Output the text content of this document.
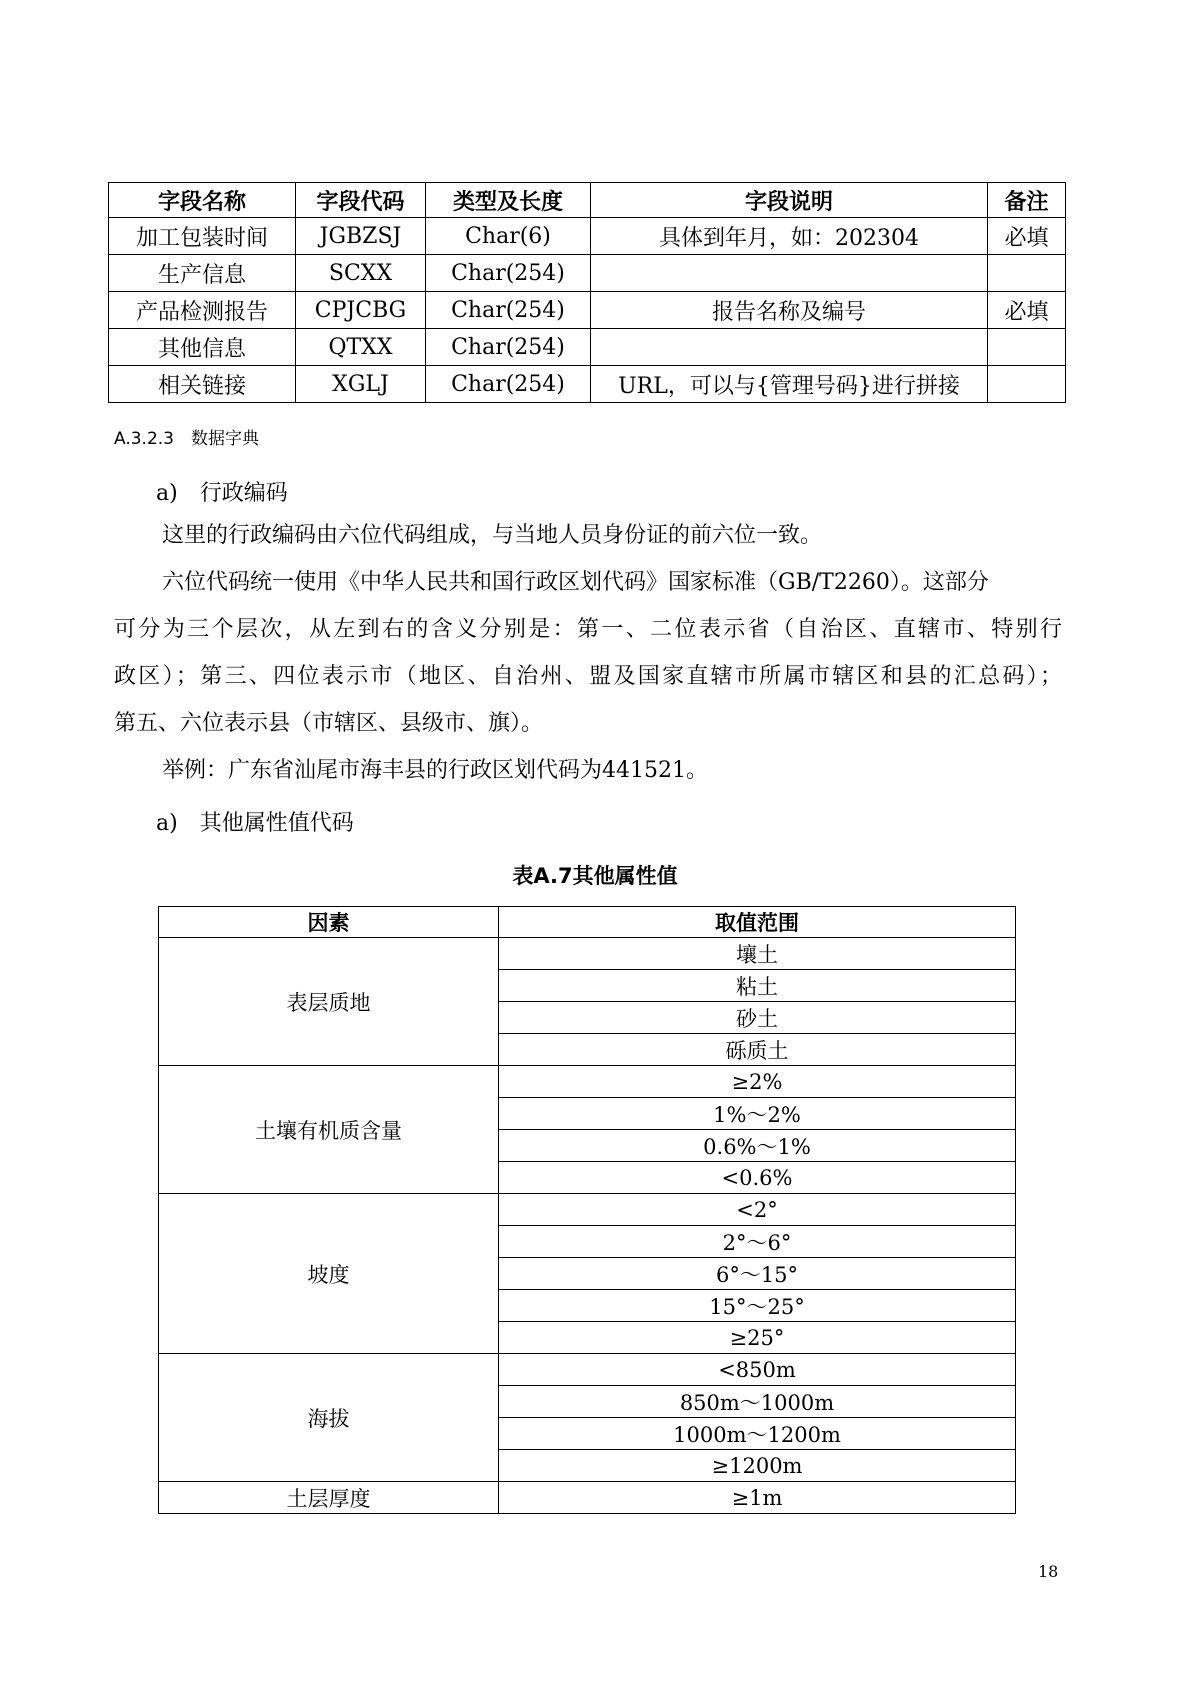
字段名称	字段代码	类型及长度	字段说明	备注
加工包装时间	JGBZSJ	Char(6)	具体到年月，如：202304	必填
生产信息	SCXX	Char(254)		
产品检测报告	CPJCBG	Char(254)	报告名称及编号	必填
其他信息	QTXX	Char(254)		
相关链接	XGLJ	Char(254)	URL，可以与{管理号码}进行拼接	
A.3.2.3　数据字典
a)　行政编码
这里的行政编码由六位代码组成，与当地人员身份证的前六位一致。
六位代码统一使用《中华人民共和国行政区划代码》国家标准（GB/T2260）。这部分
可分为三个层次，从左到右的含义分别是：第一、二位表示省（自治区、直辖市、特别行
政区）；第三、四位表示市（地区、自治州、盟及国家直辖市所属市辖区和县的汇总码）；
第五、六位表示县（市辖区、县级市、旗）。
举例：广东省汕尾市海丰县的行政区划代码为441521。
a)　其他属性值代码
表A.7其他属性值
因素	取值范围
表层质地	壤土
	粘土
	砂土
	砾质土
土壤有机质含量	≥2%
	1%～2%
	0.6%～1%
	<0.6%
坡度	<2°
	2°～6°
	6°～15°
	15°～25°
	≥25°
海拔	<850m
	850m～1000m
	1000m～1200m
	≥1200m
土层厚度	≥1m
18
